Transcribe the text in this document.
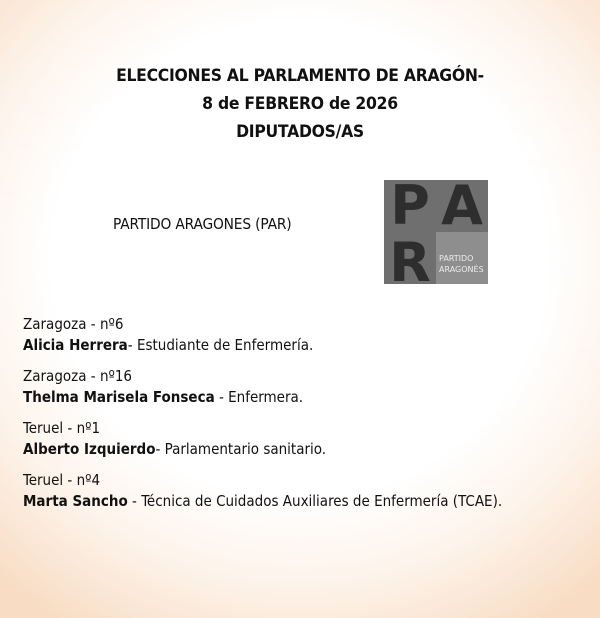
ELECCIONES AL PARLAMENTO DE ARAGÓN-
8 de FEBRERO de 2026
DIPUTADOS/AS
PARTIDO ARAGONES (PAR) P A
R PARTIDO
ARAGONÉS
Zaragoza - nº6
Alicia Herrera- Estudiante de Enfermería.
Zaragoza - nº16
Thelma Marisela Fonseca - Enfermera.
Teruel - nº1
Alberto Izquierdo- Parlamentario sanitario.
Teruel - nº4
Marta Sancho - Técnica de Cuidados Auxiliares de Enfermería (TCAE).
